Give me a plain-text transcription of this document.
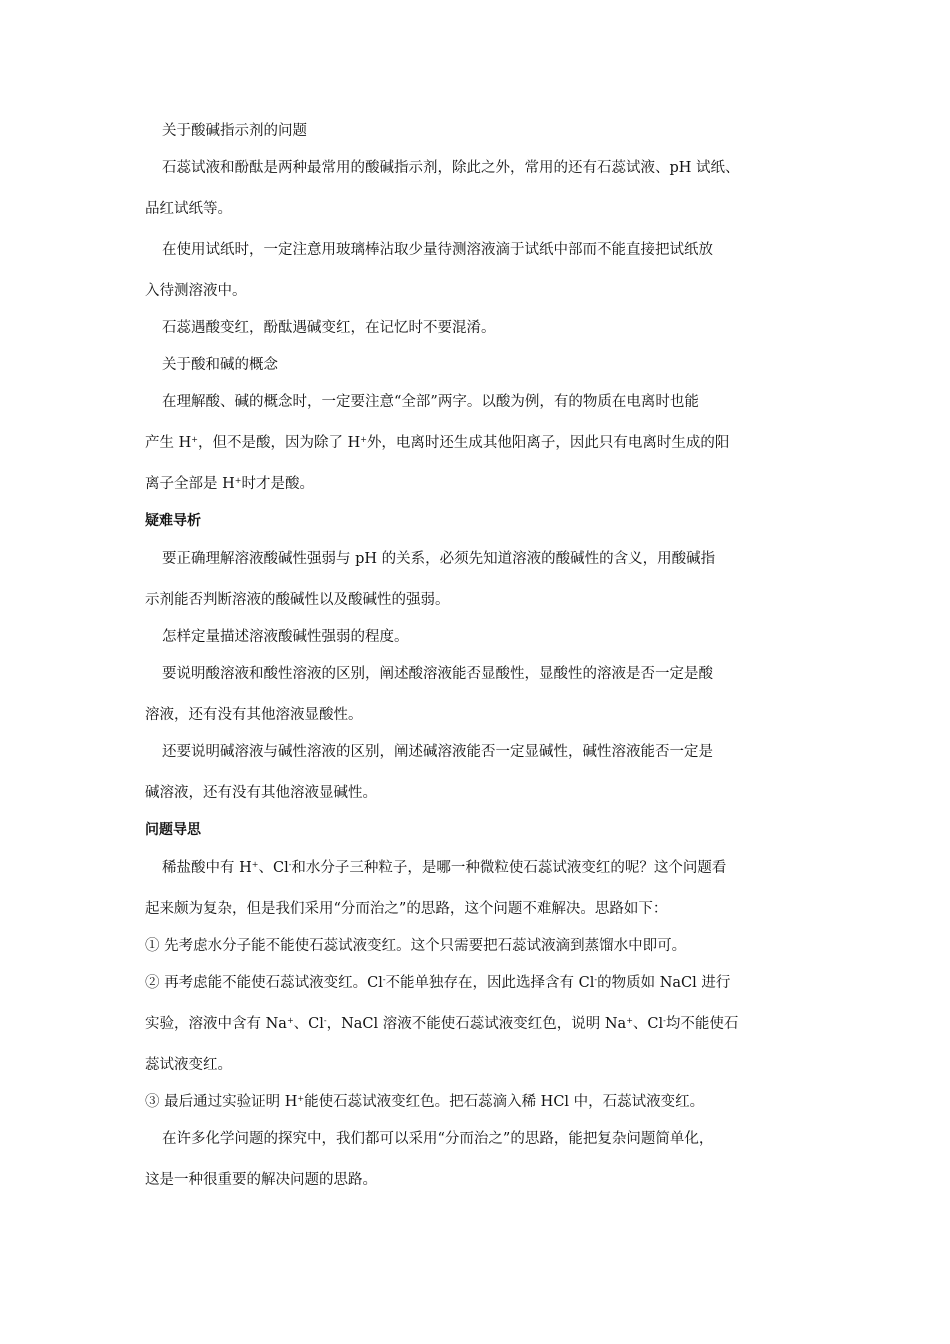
关于酸碱指示剂的问题
石蕊试液和酚酞是两种最常用的酸碱指示剂，除此之外，常用的还有石蕊试液、pH 试纸、
品红试纸等。
在使用试纸时，一定注意用玻璃棒沾取少量待测溶液滴于试纸中部而不能直接把试纸放
入待测溶液中。
石蕊遇酸变红，酚酞遇碱变红，在记忆时不要混淆。
关于酸和碱的概念
在理解酸、碱的概念时，一定要注意“全部”两字。以酸为例，有的物质在电离时也能
产生 H+，但不是酸，因为除了 H+外，电离时还生成其他阳离子，因此只有电离时生成的阳
离子全部是 H+时才是酸。
疑难导析
要正确理解溶液酸碱性强弱与 pH 的关系，必须先知道溶液的酸碱性的含义，用酸碱指
示剂能否判断溶液的酸碱性以及酸碱性的强弱。
怎样定量描述溶液酸碱性强弱的程度。
要说明酸溶液和酸性溶液的区别，阐述酸溶液能否显酸性，显酸性的溶液是否一定是酸
溶液，还有没有其他溶液显酸性。
还要说明碱溶液与碱性溶液的区别，阐述碱溶液能否一定显碱性，碱性溶液能否一定是
碱溶液，还有没有其他溶液显碱性。
问题导思
稀盐酸中有 H+、Cl-和水分子三种粒子，是哪一种微粒使石蕊试液变红的呢？这个问题看
起来颇为复杂，但是我们采用“分而治之”的思路，这个问题不难解决。思路如下：
① 先考虑水分子能不能使石蕊试液变红。这个只需要把石蕊试液滴到蒸馏水中即可。
② 再考虑能不能使石蕊试液变红。Cl-不能单独存在，因此选择含有 Cl-的物质如 NaCl 进行
实验，溶液中含有 Na+、Cl-，NaCl 溶液不能使石蕊试液变红色，说明 Na+、Cl-均不能使石
蕊试液变红。
③ 最后通过实验证明 H+能使石蕊试液变红色。把石蕊滴入稀 HCl 中，石蕊试液变红。
在许多化学问题的探究中，我们都可以采用“分而治之”的思路，能把复杂问题简单化，
这是一种很重要的解决问题的思路。
